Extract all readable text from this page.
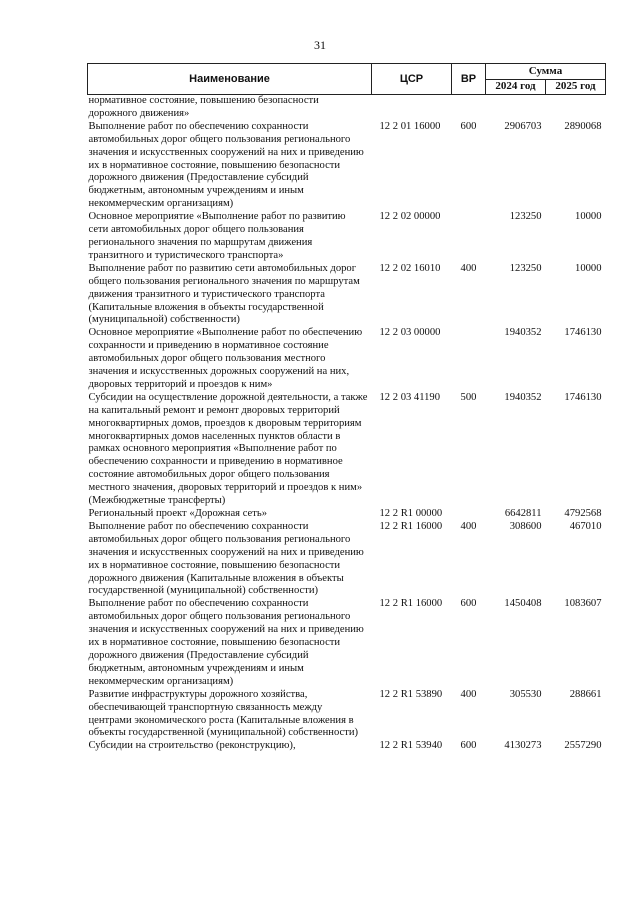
31
Наименование	ЦСР	ВР	Сумма	
			2024 год	2025 год
нормативное состояние, повышению безопасности дорожного движения»				
Выполнение работ по обеспечению сохранности автомобильных дорог общего пользования регионального значения и искусственных сооружений на них и приведению их в нормативное состояние, повышению безопасности дорожного движения (Предоставление субсидий бюджетным, автономным учреждениям и иным некоммерческим организациям)	12 2 01 16000	600	2906703	2890068
Основное мероприятие «Выполнение работ по развитию сети автомобильных дорог общего пользования регионального значения по маршрутам движения транзитного и туристического транспорта»	12 2 02 00000		123250	10000
Выполнение работ по развитию сети автомобильных дорог общего пользования регионального значения по маршрутам движения транзитного и туристического транспорта (Капитальные вложения в объекты государственной (муниципальной) собственности)	12 2 02 16010	400	123250	10000
Основное мероприятие «Выполнение работ по обеспечению сохранности и приведению в нормативное состояние автомобильных дорог общего пользования местного значения и искусственных дорожных сооружений на них, дворовых территорий и проездов к ним»	12 2 03 00000		1940352	1746130
Субсидии на осуществление дорожной деятельности, а также на капитальный ремонт и ремонт дворовых территорий многоквартирных домов, проездов к дворовым территориям многоквартирных домов населенных пунктов области в рамках основного мероприятия «Выполнение работ по обеспечению сохранности и приведению в нормативное состояние автомобильных дорог общего пользования местного значения, дворовых территорий и проездов к ним» (Межбюджетные трансферты)	12 2 03 41190	500	1940352	1746130
Региональный проект «Дорожная сеть»	12 2 R1 00000		6642811	4792568
Выполнение работ по обеспечению сохранности автомобильных дорог общего пользования регионального значения и искусственных сооружений на них и приведению их в нормативное состояние, повышению безопасности дорожного движения (Капитальные вложения в объекты государственной (муниципальной) собственности)	12 2 R1 16000	400	308600	467010
Выполнение работ по обеспечению сохранности автомобильных дорог общего пользования регионального значения и искусственных сооружений на них и приведению их в нормативное состояние, повышению безопасности дорожного движения (Предоставление субсидий бюджетным, автономным учреждениям и иным некоммерческим организациям)	12 2 R1 16000	600	1450408	1083607
Развитие инфраструктуры дорожного хозяйства, обеспечивающей транспортную связанность между центрами экономического роста (Капитальные вложения в объекты государственной (муниципальной) собственности)	12 2 R1 53890	400	305530	288661
Субсидии на строительство (реконструкцию),	12 2 R1 53940	600	4130273	2557290
